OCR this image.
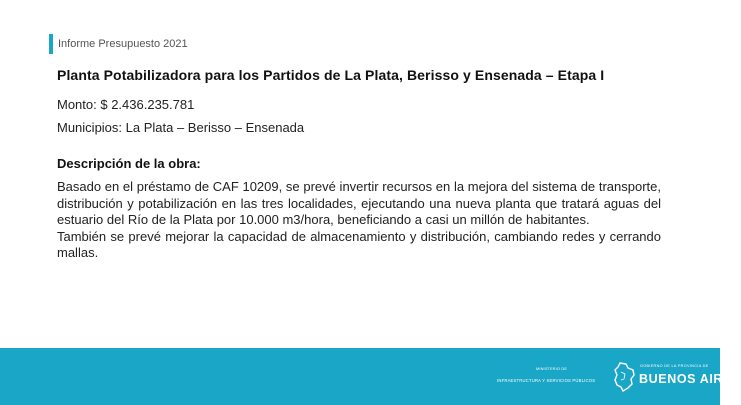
Informe Presupuesto 2021
Planta Potabilizadora para los Partidos de La Plata, Berisso y Ensenada – Etapa I
Monto: $ 2.436.235.781
Municipios: La Plata – Berisso – Ensenada
Descripción de la obra:

Basado en el préstamo de CAF 10209, se prevé invertir recursos en la mejora del sistema de transporte, distribución y potabilización en las tres localidades, ejecutando una nueva planta que tratará aguas del estuario del Río de la Plata por 10.000 m3/hora, beneficiando a casi un millón de habitantes.

También se prevé mejorar la capacidad de almacenamiento y distribución, cambiando redes y cerrando mallas.

MINISTERIO DE
INFRAESTRUCTURA Y SERVICIOS PÚBLICOS
GOBIERNO DE LA PROVINCIA DE
BUENOS AIRES
